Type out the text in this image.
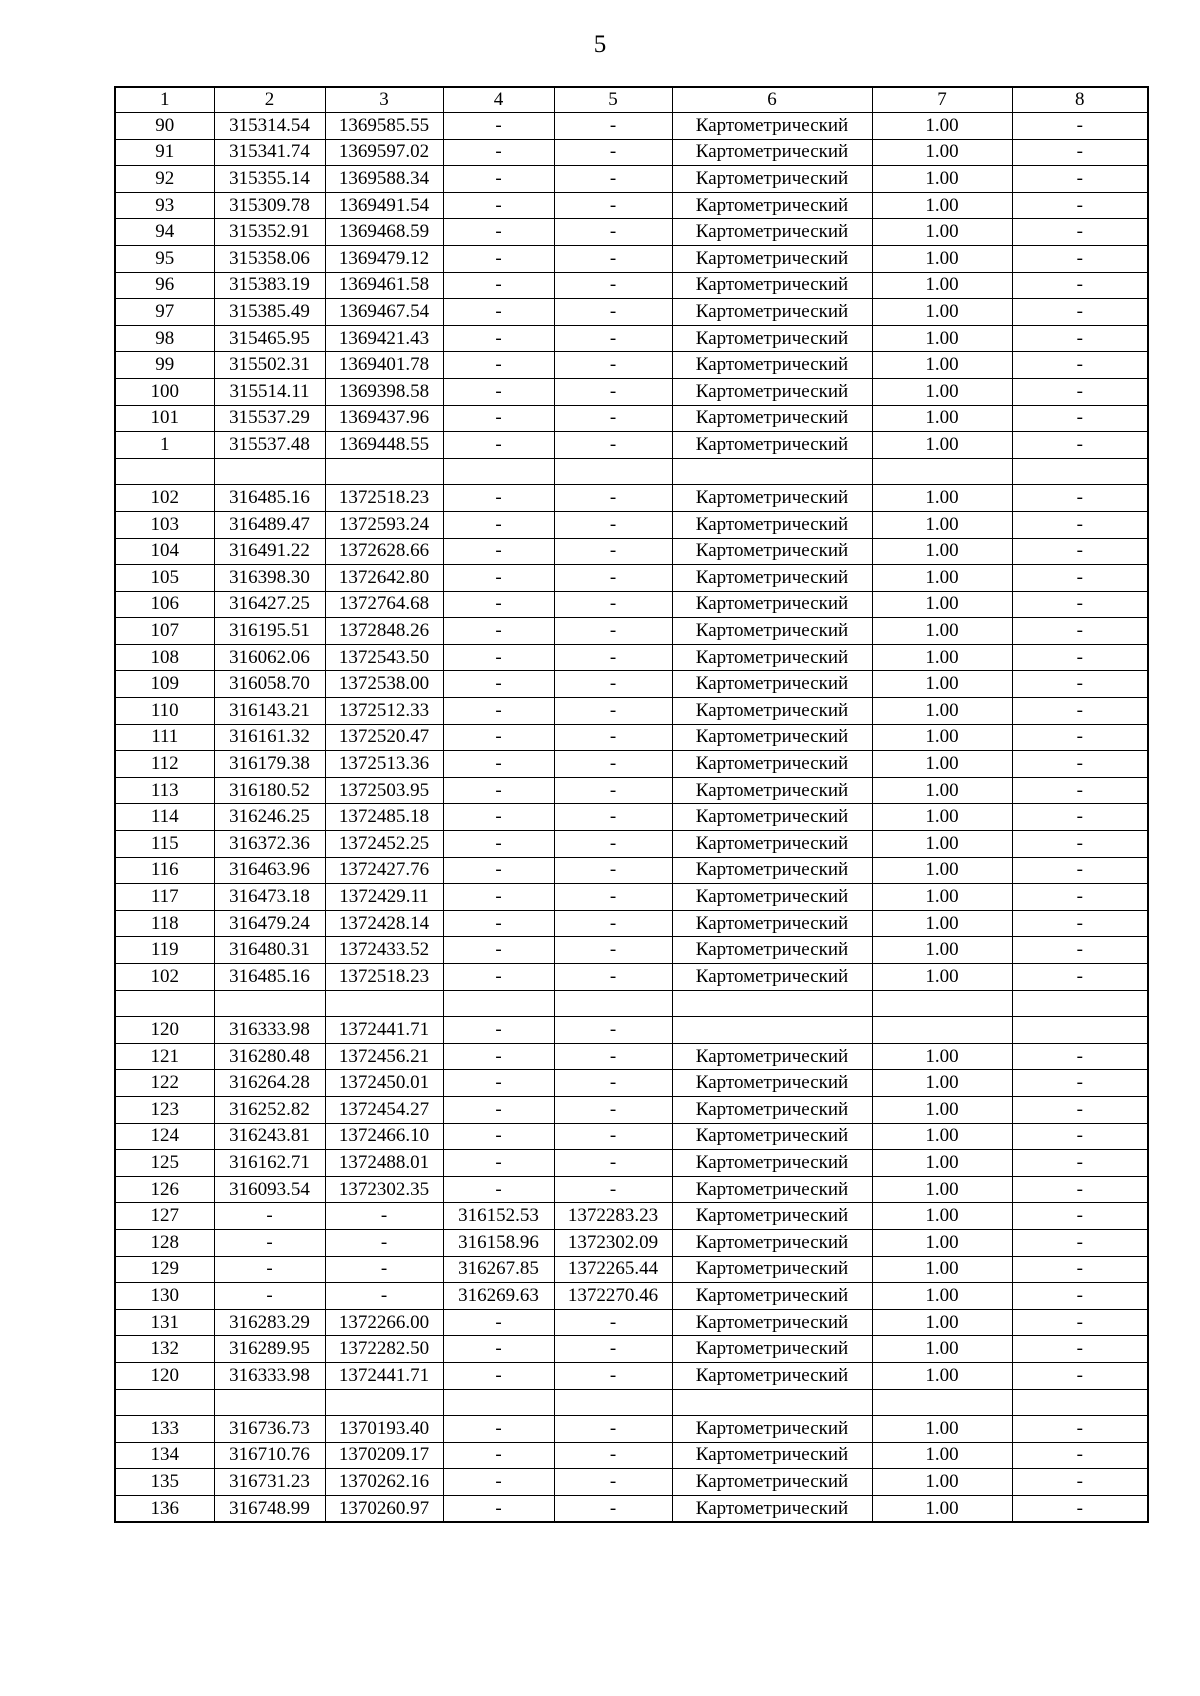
5
1	2	3	4	5	6	7	8
90	315314.54	1369585.55	-	-	Картометрический	1.00	-
91	315341.74	1369597.02	-	-	Картометрический	1.00	-
92	315355.14	1369588.34	-	-	Картометрический	1.00	-
93	315309.78	1369491.54	-	-	Картометрический	1.00	-
94	315352.91	1369468.59	-	-	Картометрический	1.00	-
95	315358.06	1369479.12	-	-	Картометрический	1.00	-
96	315383.19	1369461.58	-	-	Картометрический	1.00	-
97	315385.49	1369467.54	-	-	Картометрический	1.00	-
98	315465.95	1369421.43	-	-	Картометрический	1.00	-
99	315502.31	1369401.78	-	-	Картометрический	1.00	-
100	315514.11	1369398.58	-	-	Картометрический	1.00	-
101	315537.29	1369437.96	-	-	Картометрический	1.00	-
1	315537.48	1369448.55	-	-	Картометрический	1.00	-

102	316485.16	1372518.23	-	-	Картометрический	1.00	-
103	316489.47	1372593.24	-	-	Картометрический	1.00	-
104	316491.22	1372628.66	-	-	Картометрический	1.00	-
105	316398.30	1372642.80	-	-	Картометрический	1.00	-
106	316427.25	1372764.68	-	-	Картометрический	1.00	-
107	316195.51	1372848.26	-	-	Картометрический	1.00	-
108	316062.06	1372543.50	-	-	Картометрический	1.00	-
109	316058.70	1372538.00	-	-	Картометрический	1.00	-
110	316143.21	1372512.33	-	-	Картометрический	1.00	-
111	316161.32	1372520.47	-	-	Картометрический	1.00	-
112	316179.38	1372513.36	-	-	Картометрический	1.00	-
113	316180.52	1372503.95	-	-	Картометрический	1.00	-
114	316246.25	1372485.18	-	-	Картометрический	1.00	-
115	316372.36	1372452.25	-	-	Картометрический	1.00	-
116	316463.96	1372427.76	-	-	Картометрический	1.00	-
117	316473.18	1372429.11	-	-	Картометрический	1.00	-
118	316479.24	1372428.14	-	-	Картометрический	1.00	-
119	316480.31	1372433.52	-	-	Картометрический	1.00	-
102	316485.16	1372518.23	-	-	Картометрический	1.00	-

120	316333.98	1372441.71	-	-			
121	316280.48	1372456.21	-	-	Картометрический	1.00	-
122	316264.28	1372450.01	-	-	Картометрический	1.00	-
123	316252.82	1372454.27	-	-	Картометрический	1.00	-
124	316243.81	1372466.10	-	-	Картометрический	1.00	-
125	316162.71	1372488.01	-	-	Картометрический	1.00	-
126	316093.54	1372302.35	-	-	Картометрический	1.00	-
127	-	-	316152.53	1372283.23	Картометрический	1.00	-
128	-	-	316158.96	1372302.09	Картометрический	1.00	-
129	-	-	316267.85	1372265.44	Картометрический	1.00	-
130	-	-	316269.63	1372270.46	Картометрический	1.00	-
131	316283.29	1372266.00	-	-	Картометрический	1.00	-
132	316289.95	1372282.50	-	-	Картометрический	1.00	-
120	316333.98	1372441.71	-	-	Картометрический	1.00	-

133	316736.73	1370193.40	-	-	Картометрический	1.00	-
134	316710.76	1370209.17	-	-	Картометрический	1.00	-
135	316731.23	1370262.16	-	-	Картометрический	1.00	-
136	316748.99	1370260.97	-	-	Картометрический	1.00	-
